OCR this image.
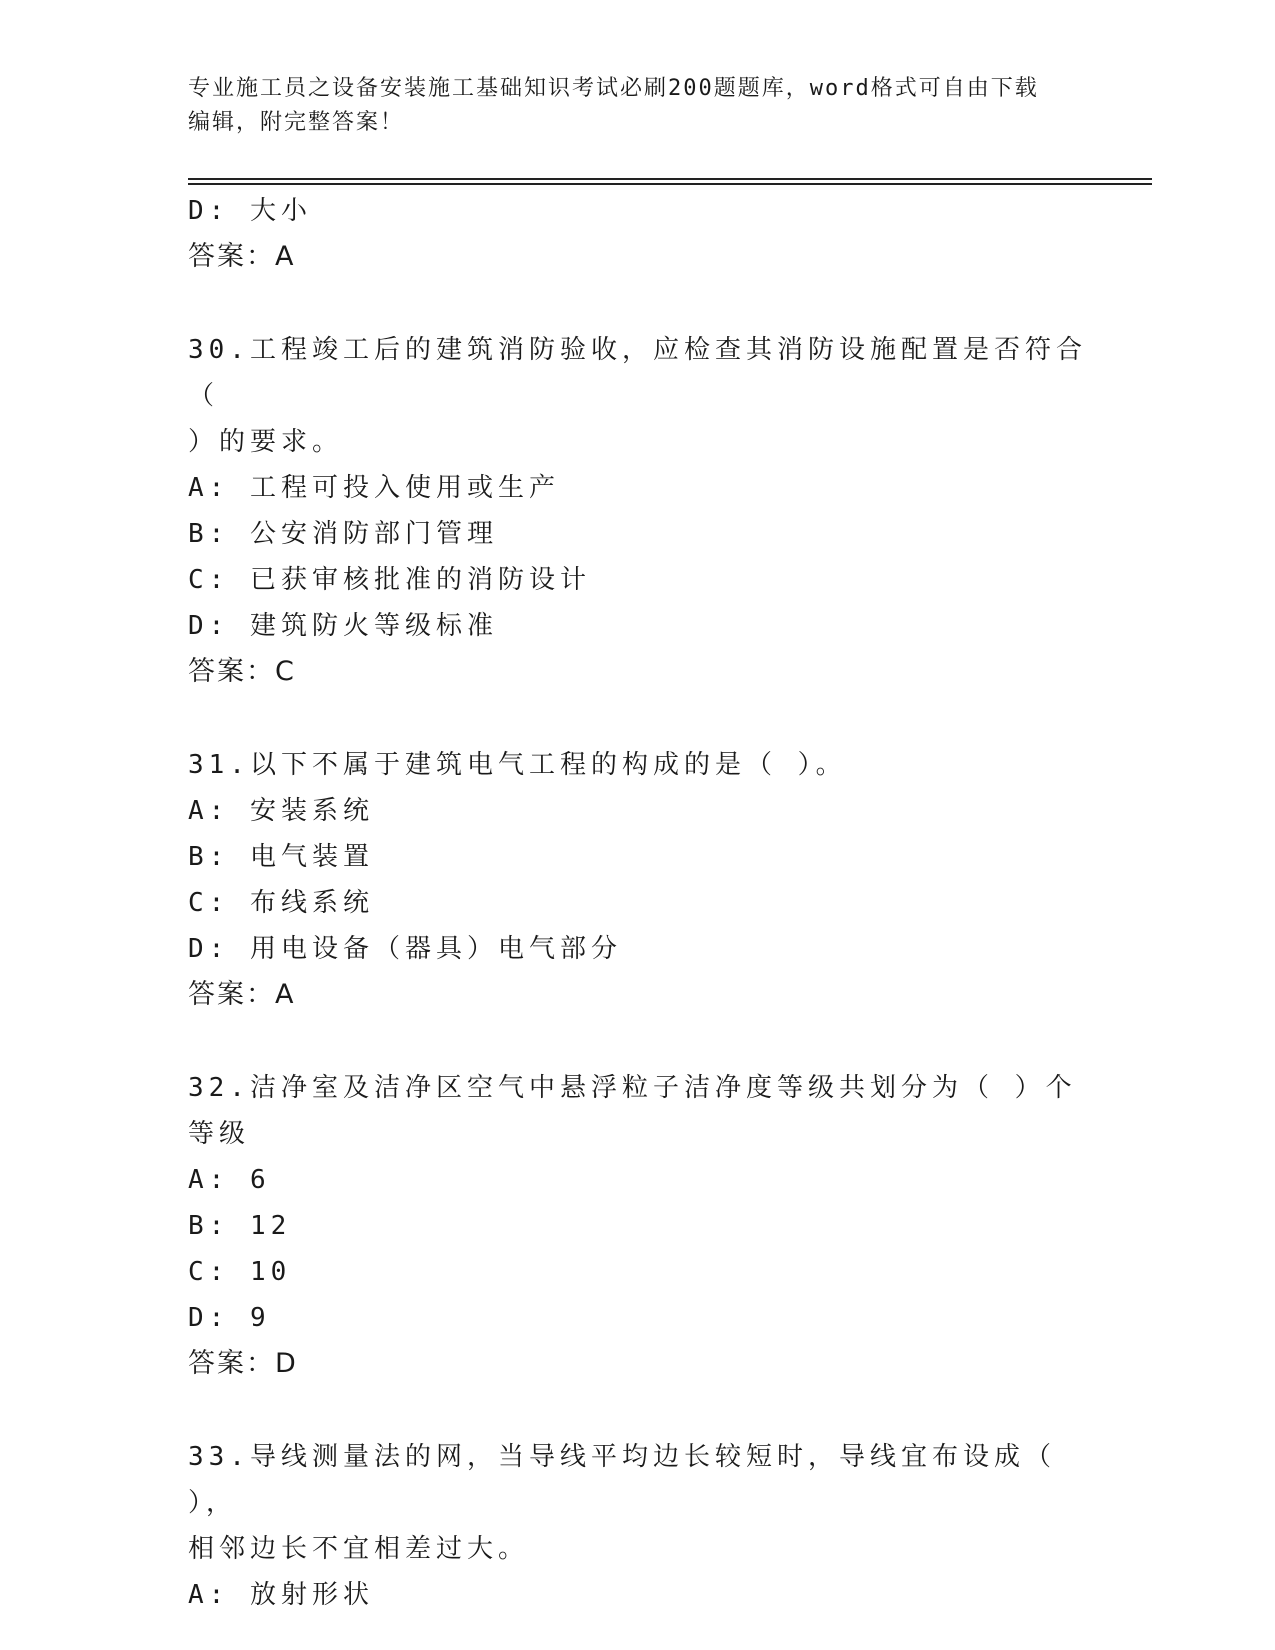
专业施工员之设备安装施工基础知识考试必刷200题题库，word格式可自由下载
编辑，附完整答案！
D: 大小
答案：A
30.工程竣工后的建筑消防验收，应检查其消防设施配置是否符合（
）的要求。
A: 工程可投入使用或生产
B: 公安消防部门管理
C: 已获审核批准的消防设计
D: 建筑防火等级标准
答案：C
31.以下不属于建筑电气工程的构成的是（ ）。
A: 安装系统
B: 电气装置
C: 布线系统
D: 用电设备（器具）电气部分
答案：A
32.洁净室及洁净区空气中悬浮粒子洁净度等级共划分为（ ）个等级
A: 6
B: 12
C: 10
D: 9
答案：D
33.导线测量法的网，当导线平均边长较短时，导线宜布设成（ ），
相邻边长不宜相差过大。
A: 放射形状
